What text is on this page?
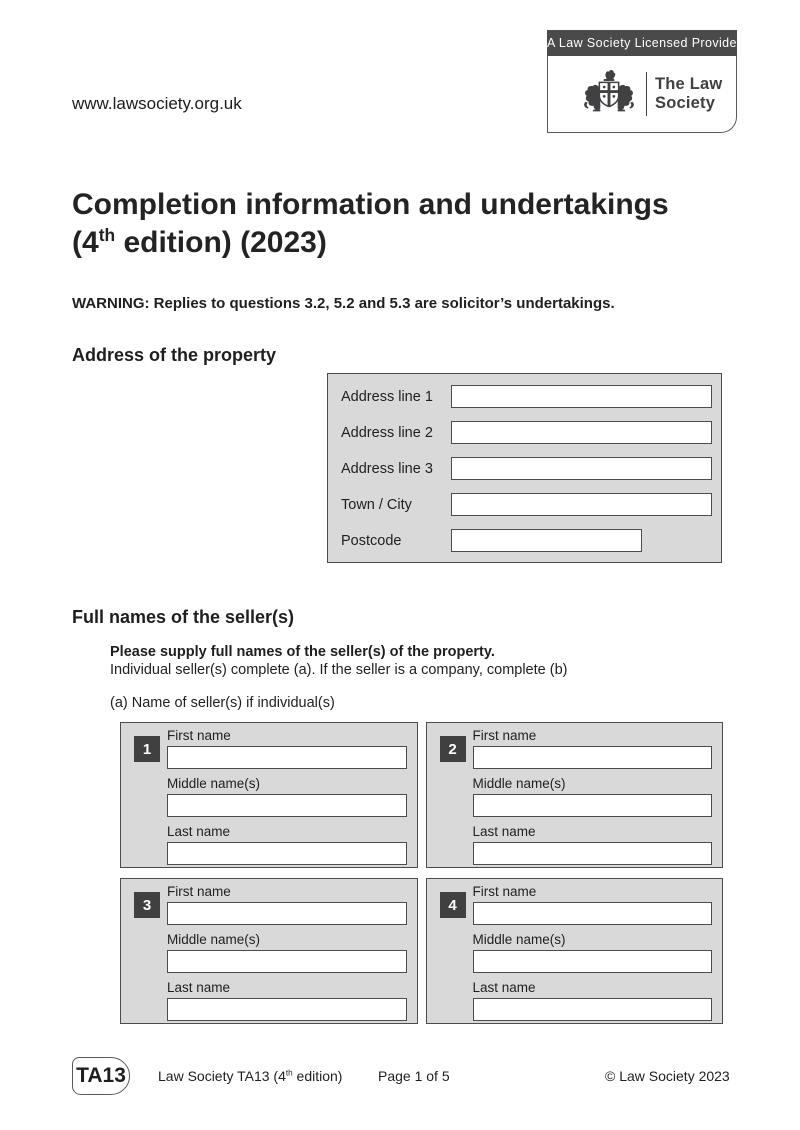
www.lawsociety.org.uk
A Law Society Licensed Provider
The Law
Society
Completion information and undertakings
(4th edition) (2023)
WARNING: Replies to questions 3.2, 5.2 and 5.3 are solicitor’s undertakings.
Address of the property
Address line 1
Address line 2
Address line 3
Town / City
Postcode
Full names of the seller(s)
Please supply full names of the seller(s) of the property.
Individual seller(s) complete (a). If the seller is a company, complete (b)
(a) Name of seller(s) if individual(s)
1
First name
Middle name(s)
Last name
2
First name
Middle name(s)
Last name
3
First name
Middle name(s)
Last name
4
First name
Middle name(s)
Last name
TA13 Law Society TA13 (4th edition)	Page 1 of 5	© Law Society 2023
